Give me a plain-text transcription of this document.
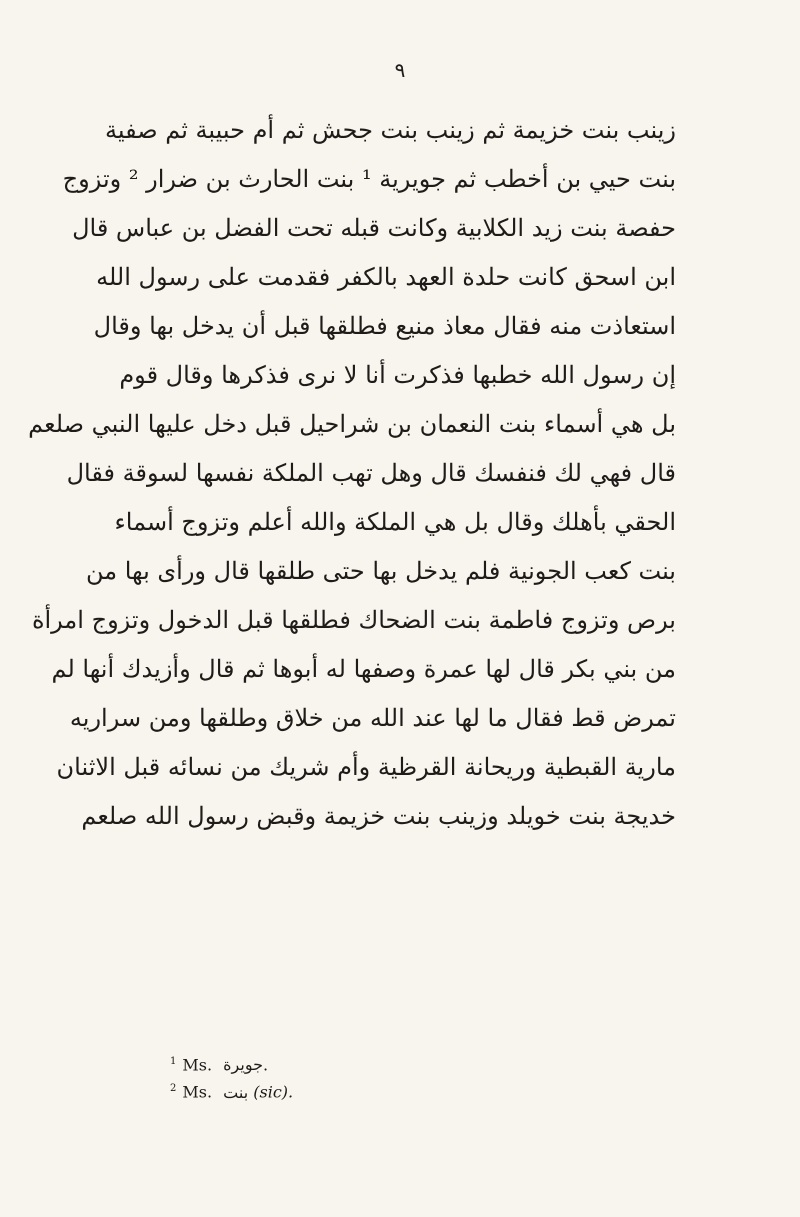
٩
زينب بنت خزيمة ثم زينب بنت جحش ثم أم حبيبة ثم صفية
بنت حيي بن أخطب ثم جويرية ¹ بنت الحارث بن ضرار ² وتزوج
حفصة بنت زيد الكلابية وكانت قبله تحت الفضل بن عباس قال
ابن اسحق كانت حلدة العهد بالكفر فقدمت على رسول الله
استعاذت منه فقال معاذ منيع فطلقها قبل أن يدخل بها وقال
إن رسول الله خطبها فذكرت أنا لا نرى فذكرها وقال قوم
بل هي أسماء بنت النعمان بن شراحيل قبل دخل عليها النبي صلعم
قال فهي لك فنفسك قال وهل تهب الملكة نفسها لسوقة فقال
الحقي بأهلك وقال بل هي الملكة والله أعلم وتزوج أسماء
بنت كعب الجونية فلم يدخل بها حتى طلقها قال ورأى بها من
برص وتزوج فاطمة بنت الضحاك فطلقها قبل الدخول وتزوج امرأة
من بني بكر قال لها عمرة وصفها له أبوها ثم قال وأزيدك أنها لم
تمرض قط فقال ما لها عند الله من خلاق وطلقها ومن سراريه
مارية القبطية وريحانة القرظية وأم شريك من نسائه قبل الاثنان
خديجة بنت خويلد وزينب بنت خزيمة وقبض رسول الله صلعم
$^1$ Ms. جويرة.
$^2$ Ms. بنت (sic).
